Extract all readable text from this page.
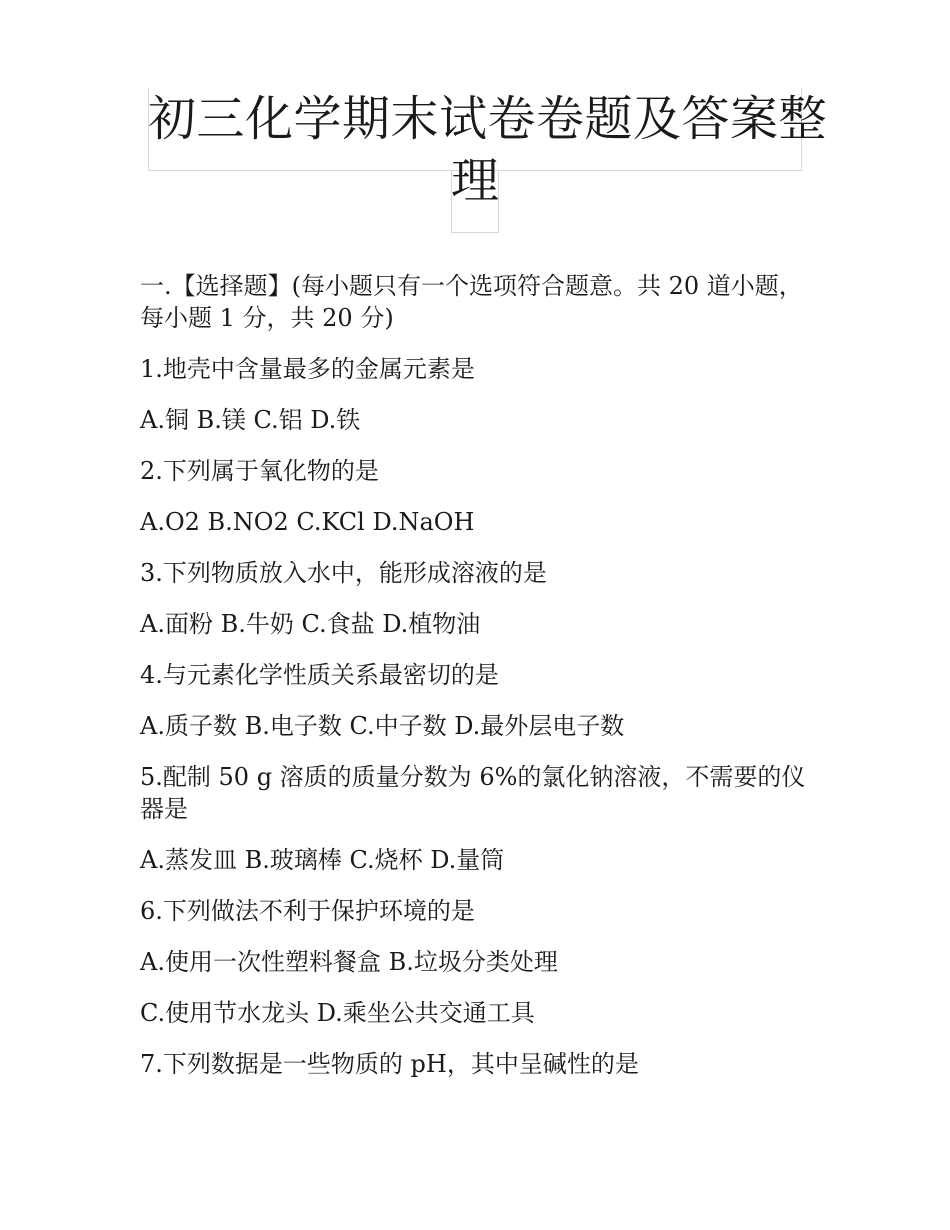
初三化学期末试卷卷题及答案整
理

一.【选择题】(每小题只有一个选项符合题意。共 20 道小题，每小题 1 分，共 20 分)

1.地壳中含量最多的金属元素是

A.铜 B.镁 C.铝 D.铁

2.下列属于氧化物的是

A.O2 B.NO2 C.KCl D.NaOH

3.下列物质放入水中，能形成溶液的是

A.面粉 B.牛奶 C.食盐 D.植物油

4.与元素化学性质关系最密切的是

A.质子数 B.电子数 C.中子数 D.最外层电子数

5.配制 50 g 溶质的质量分数为 6%的氯化钠溶液，不需要的仪器是

A.蒸发皿 B.玻璃棒 C.烧杯 D.量筒

6.下列做法不利于保护环境的是

A.使用一次性塑料餐盒 B.垃圾分类处理

C.使用节水龙头 D.乘坐公共交通工具

7.下列数据是一些物质的 pH，其中呈碱性的是
